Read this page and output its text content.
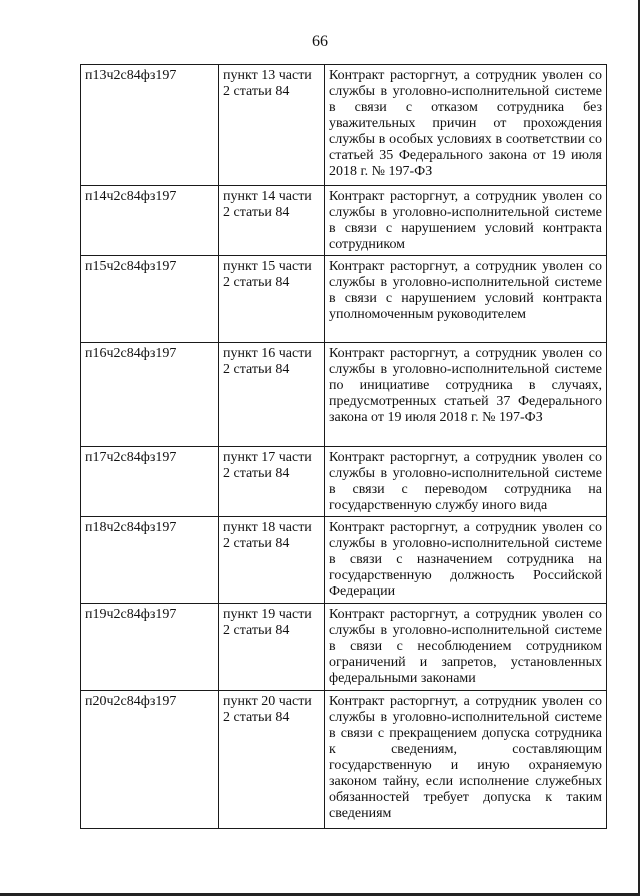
66
п13ч2с84фз197	пункт 13 части 2 статьи 84	Контракт расторгнут, а сотрудник уволен со службы в уголовно-исполнительной системе в связи с отказом сотрудника без уважительных причин от прохождения службы в особых условиях в соответствии со статьей 35 Федерального закона от 19 июля 2018 г. № 197-ФЗ
п14ч2с84фз197	пункт 14 части 2 статьи 84	Контракт расторгнут, а сотрудник уволен со службы в уголовно-исполнительной системе в связи с нарушением условий контракта сотрудником
п15ч2с84фз197	пункт 15 части 2 статьи 84	Контракт расторгнут, а сотрудник уволен со службы в уголовно-исполнительной системе в связи с нарушением условий контракта уполномоченным руководителем
п16ч2с84фз197	пункт 16 части 2 статьи 84	Контракт расторгнут, а сотрудник уволен со службы в уголовно-исполнительной системе по инициативе сотрудника в случаях, предусмотренных статьей 37 Федерального закона от 19 июля 2018 г. № 197-ФЗ
п17ч2с84фз197	пункт 17 части 2 статьи 84	Контракт расторгнут, а сотрудник уволен со службы в уголовно-исполнительной системе в связи с переводом сотрудника на государственную службу иного вида
п18ч2с84фз197	пункт 18 части 2 статьи 84	Контракт расторгнут, а сотрудник уволен со службы в уголовно-исполнительной системе в связи с назначением сотрудника на государственную должность Российской Федерации
п19ч2с84фз197	пункт 19 части 2 статьи 84	Контракт расторгнут, а сотрудник уволен со службы в уголовно-исполнительной системе в связи с несоблюдением сотрудником ограничений и запретов, установленных федеральными законами
п20ч2с84фз197	пункт 20 части 2 статьи 84	Контракт расторгнут, а сотрудник уволен со службы в уголовно-исполнительной системе в связи с прекращением допуска сотрудника к сведениям, составляющим государственную и иную охраняемую законом тайну, если исполнение служебных обязанностей требует допуска к таким сведениям
